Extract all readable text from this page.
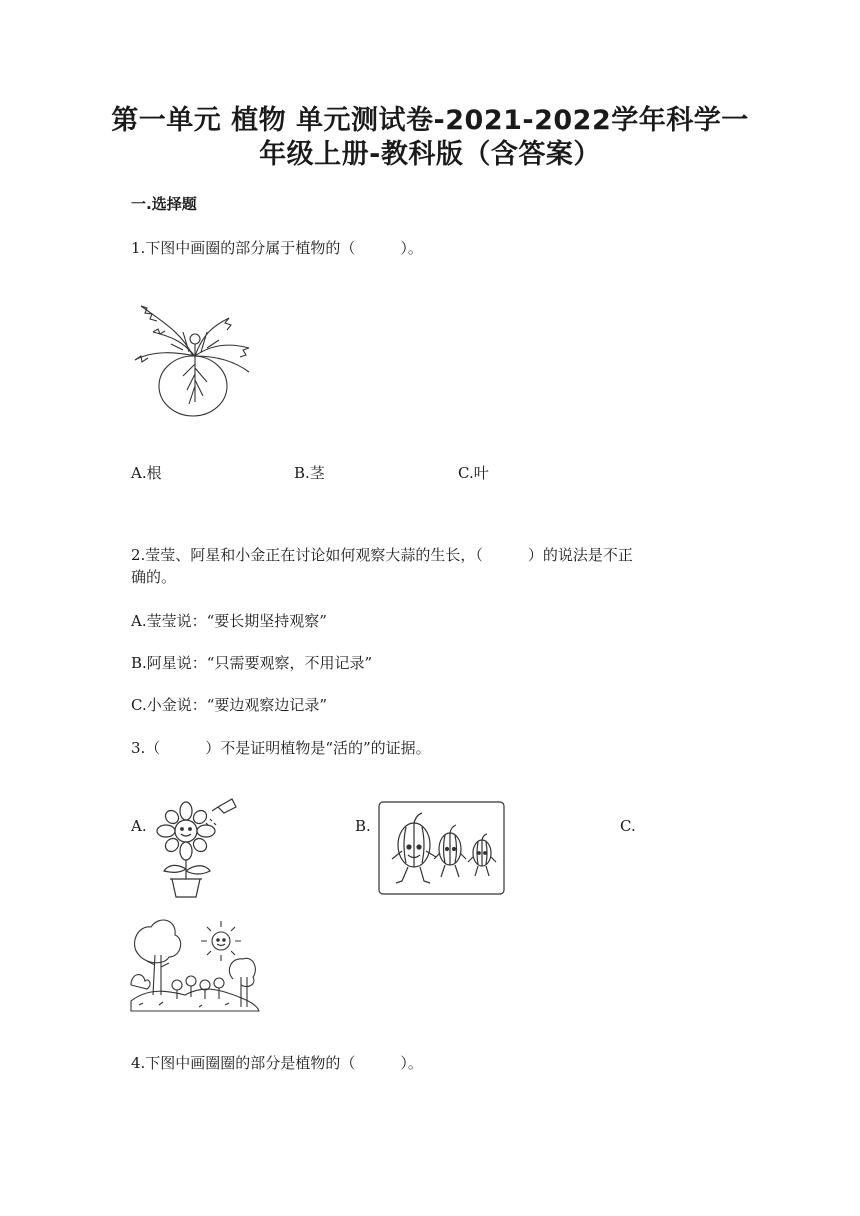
第一单元 植物 单元测试卷-2021-2022学年科学一
年级上册-教科版（含答案）
一.选择题
1.下图中画圈的部分属于植物的（　　　）。
A.根	B.茎	C.叶
2.莹莹、阿星和小金正在讨论如何观察大蒜的生长，（　　　）的说法是不正
确的。
A.莹莹说：“要长期坚持观察”
B.阿星说：“只需要观察，不用记录”
C.小金说：“要边观察边记录”
3.（　　　）不是证明植物是“活的”的证据。
A.	B.	C.
4.下图中画圈圈的部分是植物的（　　　）。
